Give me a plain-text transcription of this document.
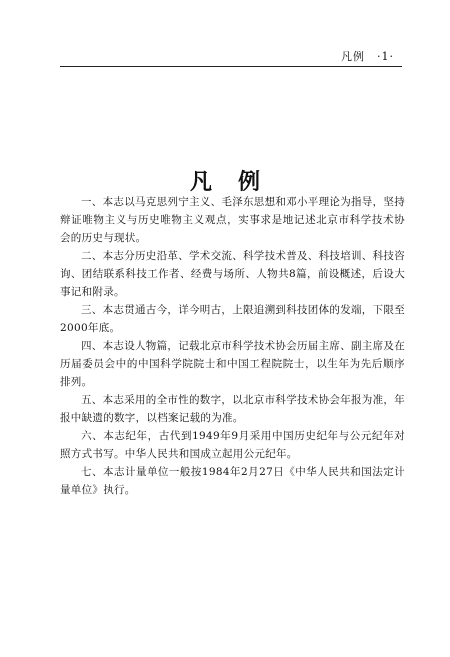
凡例　·1·
凡例

一、本志以马克思列宁主义、毛泽东思想和邓小平理论为指导，坚持辩证唯物主义与历史唯物主义观点，实事求是地记述北京市科学技术协会的历史与现状。

二、本志分历史沿革、学术交流、科学技术普及、科技培训、科技咨询、团结联系科技工作者、经费与场所、人物共8篇，前设概述，后设大事记和附录。

三、本志贯通古今，详今明古，上限追溯到科技团体的发端，下限至2000年底。

四、本志设人物篇，记载北京市科学技术协会历届主席、副主席及在历届委员会中的中国科学院院士和中国工程院院士，以生年为先后顺序排列。

五、本志采用的全市性的数字，以北京市科学技术协会年报为准，年报中缺遗的数字，以档案记载的为准。

六、本志纪年，古代到1949年9月采用中国历史纪年与公元纪年对照方式书写。中华人民共和国成立起用公元纪年。

七、本志计量单位一般按1984年2月27日《中华人民共和国法定计量单位》执行。
